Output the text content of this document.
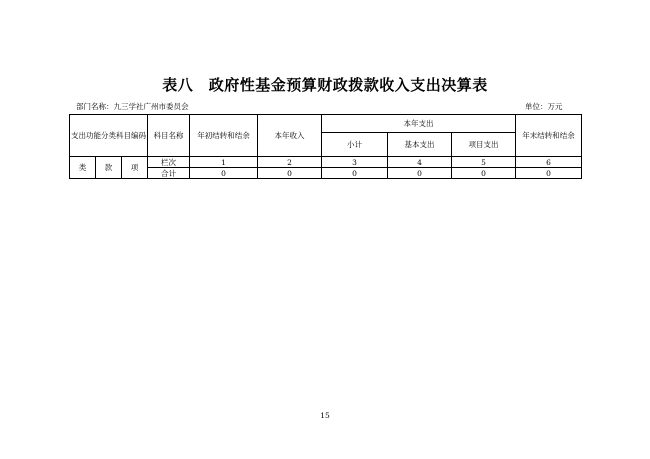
表八　政府性基金预算财政拨款收入支出决算表
部门名称：九三学社广州市委员会	单位：万元
支出功能分类科目编码			科目名称	年初结转和结余	本年收入	本年支出			年末结转和结余
						小计	基本支出	项目支出	
类	款	项	栏次	1	2	3	4	5	6
			合计	0	0	0	0	0	0
15
